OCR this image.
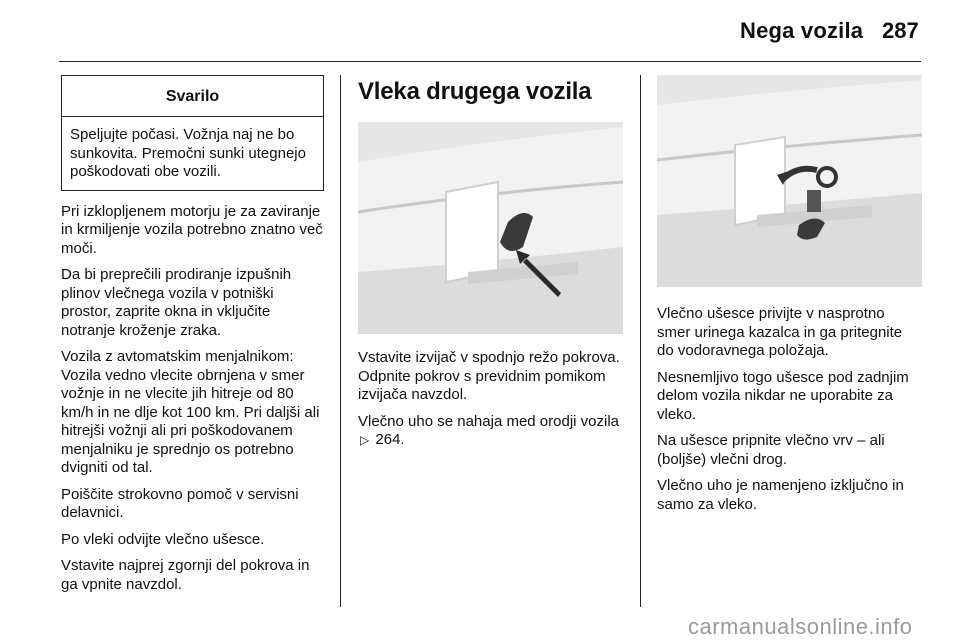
Nega vozila 287
Svarilo
Speljujte počasi. Vožnja naj ne bo sunkovita. Premočni sunki utegnejo poškodovati obe vozili.

Pri izklopljenem motorju je za zaviranje in krmiljenje vozila potrebno znatno več moči.

Da bi preprečili prodiranje izpušnih plinov vlečnega vozila v potniški prostor, zaprite okna in vključite notranje kroženje zraka.

Vozila z avtomatskim menjalnikom: Vozila vedno vlecite obrnjena v smer vožnje in ne vlecite jih hitreje od 80 km/h in ne dlje kot 100 km. Pri daljši ali hitrejši vožnji ali pri poškodovanem menjalniku je sprednjo os potrebno dvigniti od tal.

Poiščite strokovno pomoč v servisni delavnici.

Po vleki odvijte vlečno ušesce.

Vstavite najprej zgornji del pokrova in ga vpnite navzdol.

Vleka drugega vozila

Vstavite izvijač v spodnjo režo pokrova. Odpnite pokrov s previdnim pomikom izvijača navzdol.

Vlečno uho se nahaja med orodji vozila ▷ 264.

Vlečno ušesce privijte v nasprotno smer urinega kazalca in ga pritegnite do vodoravnega položaja.

Nesnemljivo togo ušesce pod zadnjim delom vozila nikdar ne uporabite za vleko.

Na ušesce pripnite vlečno vrv – ali (boljše) vlečni drog.

Vlečno uho je namenjeno izključno in samo za vleko.

carmanualsonline.info
